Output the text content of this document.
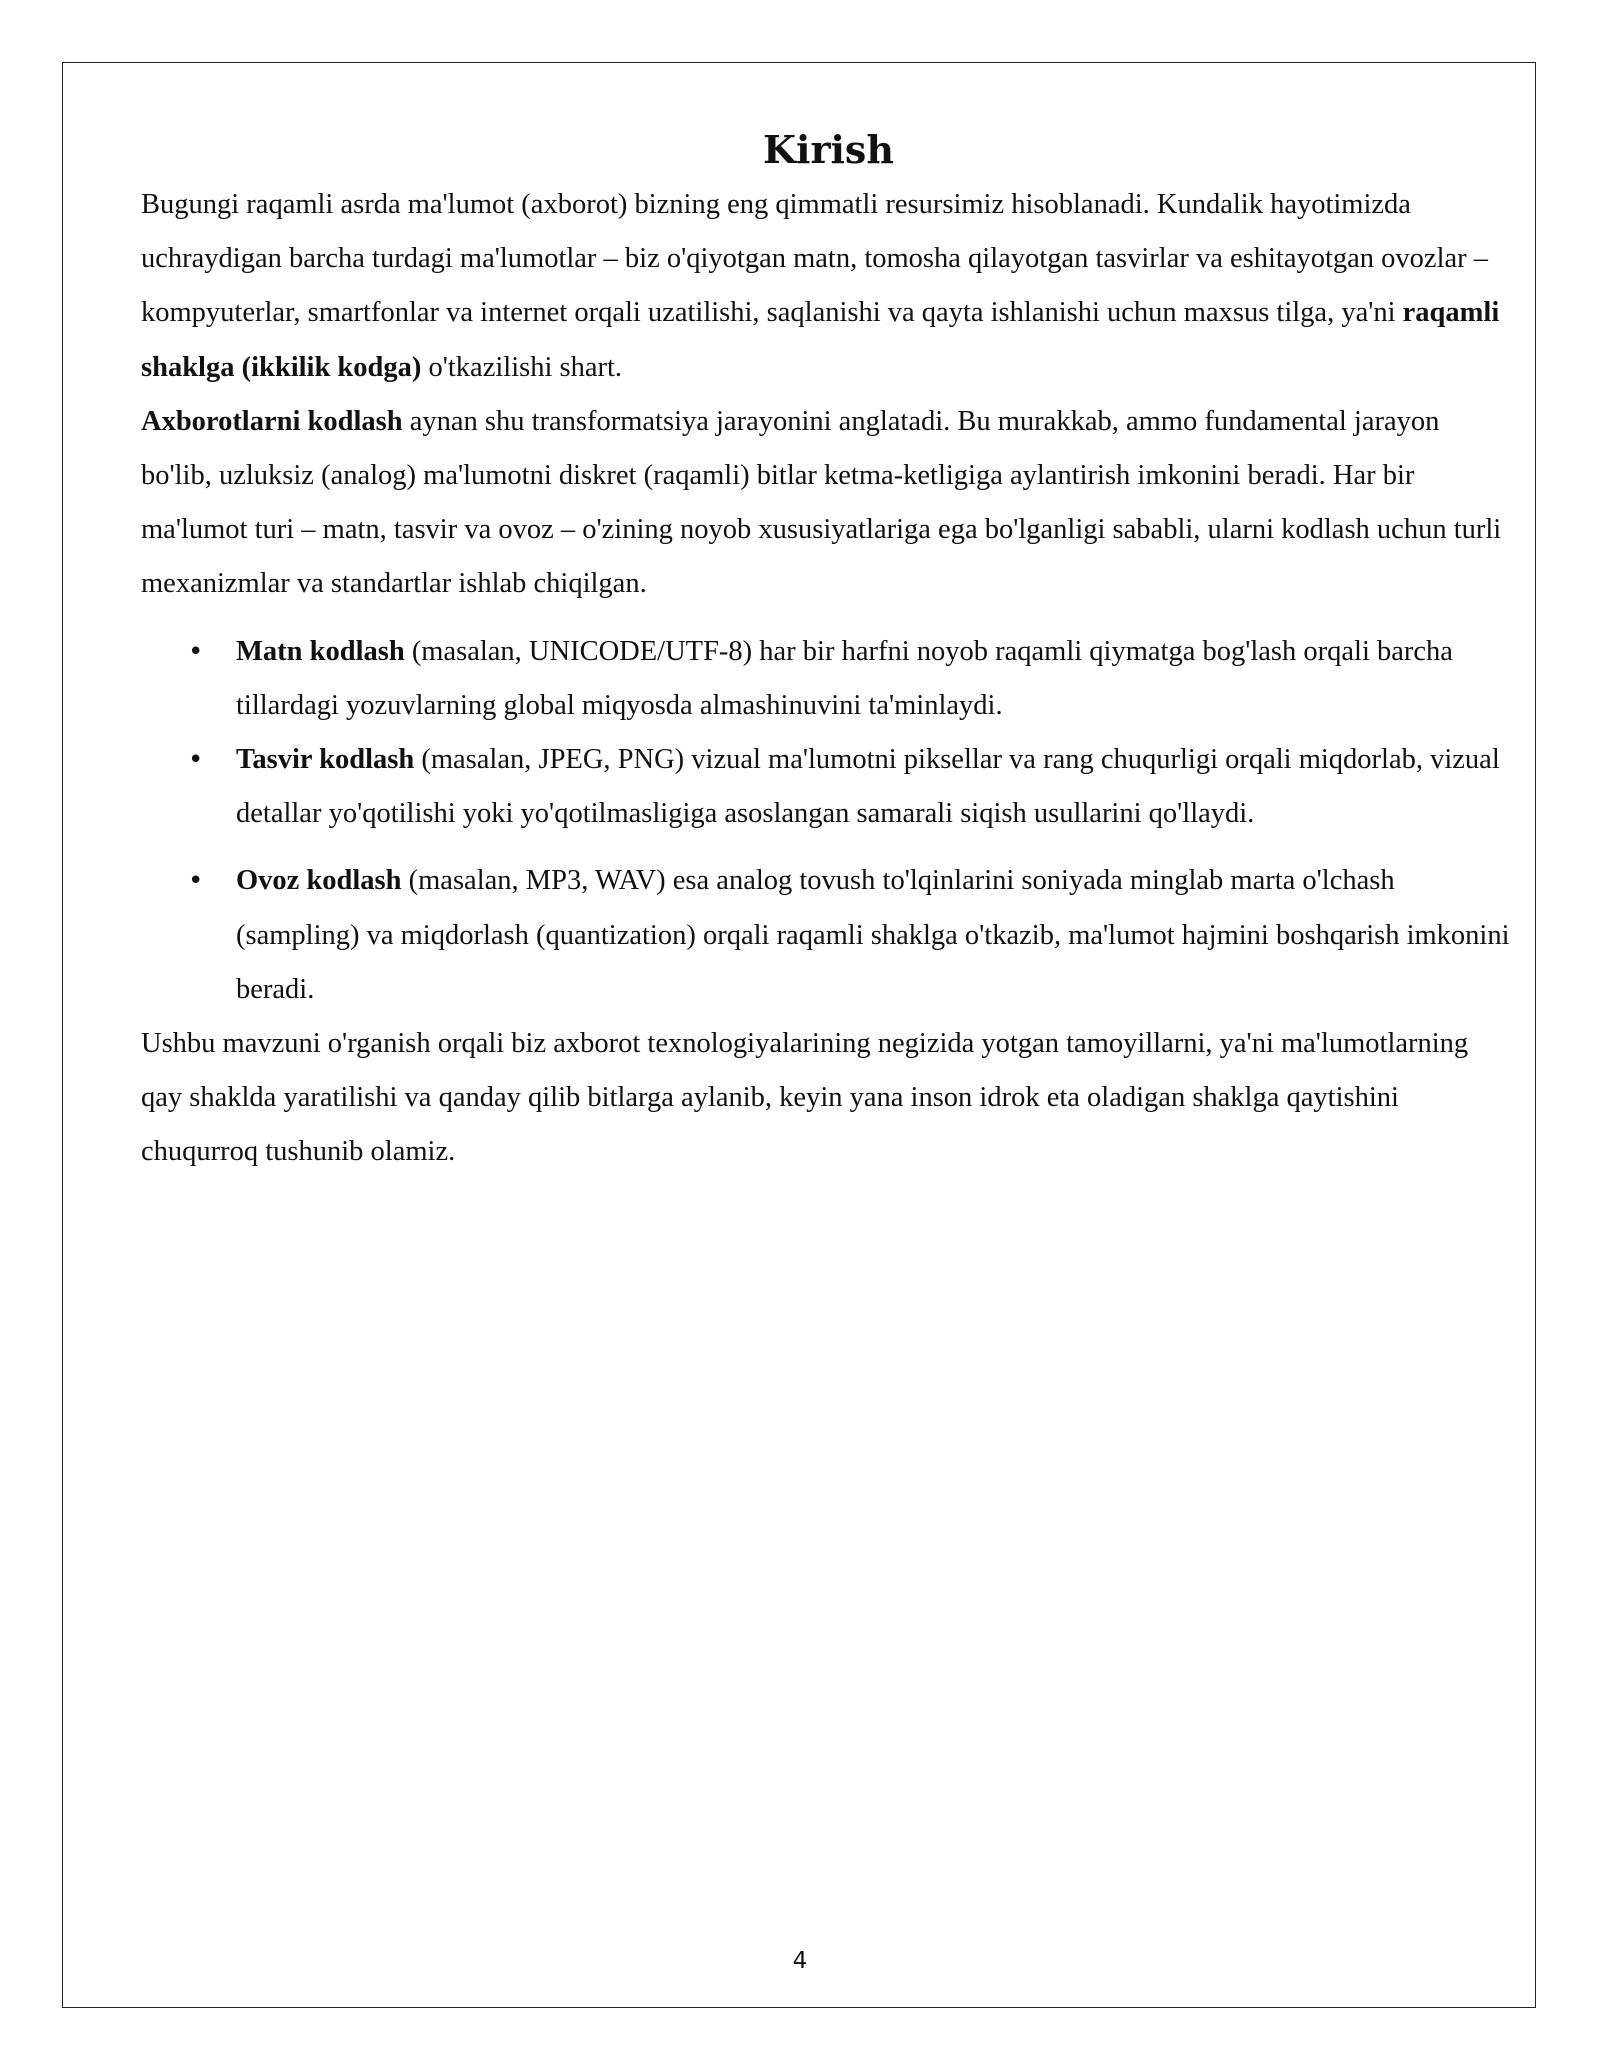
Kirish

Bugungi raqamli asrda ma'lumot (axborot) bizning eng qimmatli resursimiz hisoblanadi. Kundalik hayotimizda uchraydigan barcha turdagi ma'lumotlar – biz o'qiyotgan matn, tomosha qilayotgan tasvirlar va eshitayotgan ovozlar – kompyuterlar, smartfonlar va internet orqali uzatilishi, saqlanishi va qayta ishlanishi uchun maxsus tilga, ya'ni raqamli shaklga (ikkilik kodga) o'tkazilishi shart.

Axborotlarni kodlash aynan shu transformatsiya jarayonini anglatadi. Bu murakkab, ammo fundamental jarayon bo'lib, uzluksiz (analog) ma'lumotni diskret (raqamli) bitlar ketma-ketligiga aylantirish imkonini beradi. Har bir ma'lumot turi – matn, tasvir va ovoz – o'zining noyob xususiyatlariga ega bo'lganligi sababli, ularni kodlash uchun turli mexanizmlar va standartlar ishlab chiqilgan.

• Matn kodlash (masalan, UNICODE/UTF-8) har bir harfni noyob raqamli qiymatga bog'lash orqali barcha tillardagi yozuvlarning global miqyosda almashinuvini ta'minlaydi.
• Tasvir kodlash (masalan, JPEG, PNG) vizual ma'lumotni piksellar va rang chuqurligi orqali miqdorlab, vizual detallar yo'qotilishi yoki yo'qotilmasligiga asoslangan samarali siqish usullarini qo'llaydi.
• Ovoz kodlash (masalan, MP3, WAV) esa analog tovush to'lqinlarini soniyada minglab marta o'lchash (sampling) va miqdorlash (quantization) orqali raqamli shaklga o'tkazib, ma'lumot hajmini boshqarish imkonini beradi.

Ushbu mavzuni o'rganish orqali biz axborot texnologiyalarining negizida yotgan tamoyillarni, ya'ni ma'lumotlarning qay shaklda yaratilishi va qanday qilib bitlarga aylanib, keyin yana inson idrok eta oladigan shaklga qaytishini chuqurroq tushunib olamiz.

4
